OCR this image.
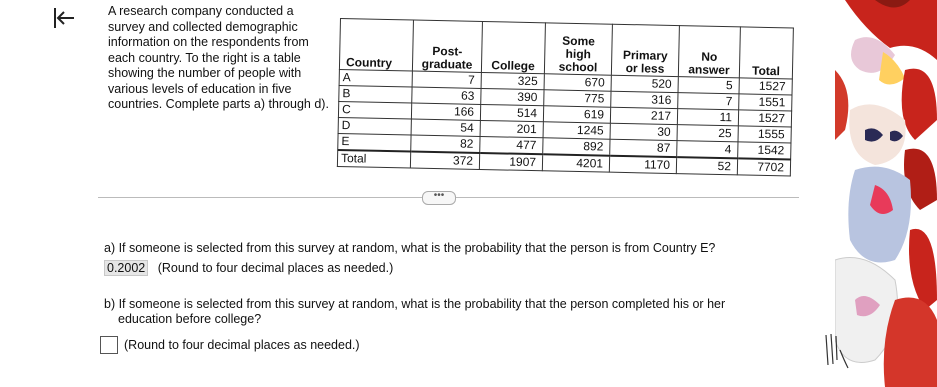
A research company conducted a survey and collected demographic information on the respondents from each country. To the right is a table showing the number of people with various levels of education in five countries. Complete parts a) through d).

Country	Post-graduate	College	Some high school	Primary or less	No answer	Total
A	7	325	670	520	5	1527
B	63	390	775	316	7	1551
C	166	514	619	217	11	1527
D	54	201	1245	30	25	1555
E	82	477	892	87	4	1542
Total	372	1907	4201	1170	52	7702
•••

a) If someone is selected from this survey at random, what is the probability that the person is from Country E?

0.2002 (Round to four decimal places as needed.)

b) If someone is selected from this survey at random, what is the probability that the person completed his or her
education before college?

(Round to four decimal places as needed.)
